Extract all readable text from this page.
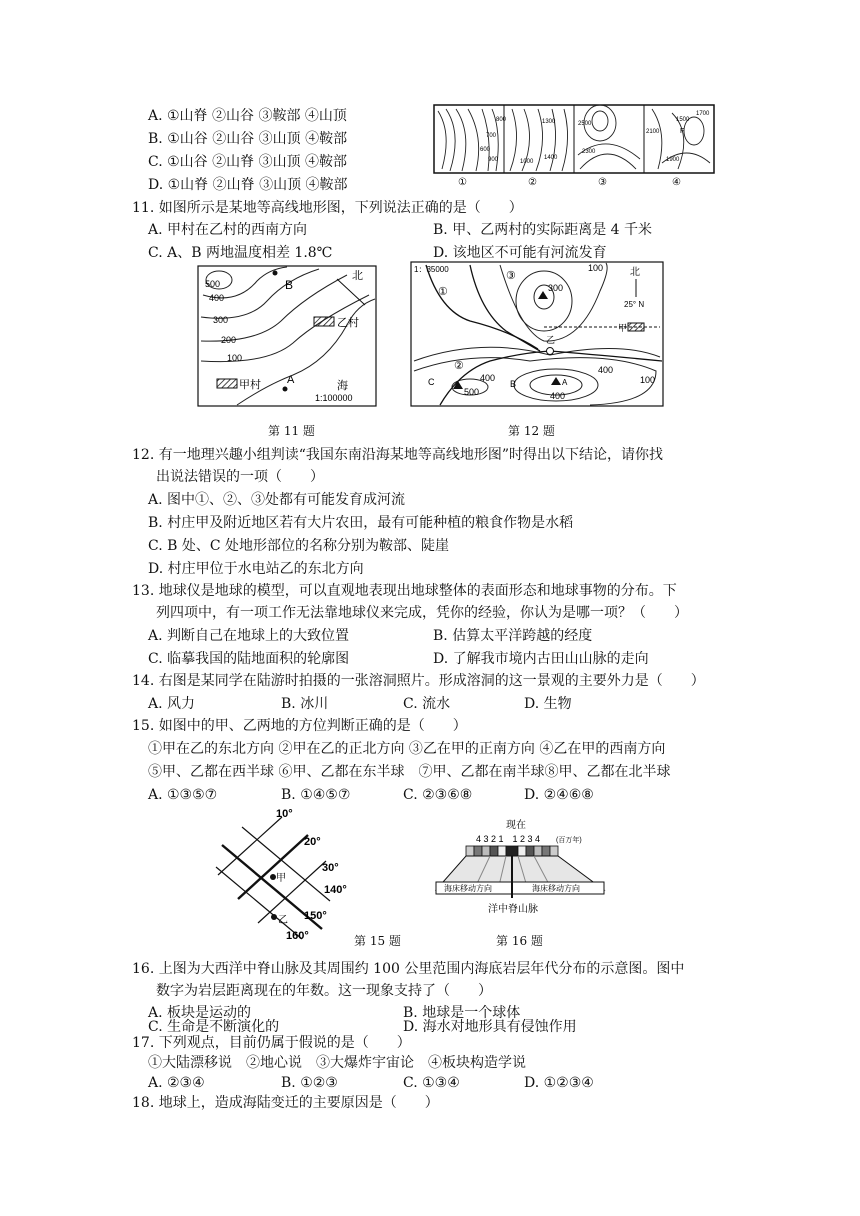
A. ①山脊 ②山谷 ③鞍部 ④山顶
B. ①山谷 ②山谷 ③山顶 ④鞍部
C. ①山谷 ②山脊 ③山顶 ④鞍部
D. ①山脊 ②山脊 ③山顶 ④鞍部
800
700
600
900	1000
1300
1400
2500
2300
2100
1900
1700
1500
F
①	②	③	④
11. 如图所示是某地等高线地形图，下列说法正确的是（　　）
A. 甲村在乙村的西南方向	B. 甲、乙两村的实际距离是 4 千米
C. A、B 两地温度相差 1.8℃	D. 该地区不可能有河流发育
北
500
400
300
200
100
B
乙村
甲村 A	海
1:100000
第 11 题
1：35000
①
③
②
300
100	北
25° N
甲
乙
400
C
500
B	A
400
400
100
第 12 题
12. 有一地理兴趣小组判读“我国东南沿海某地等高线地形图”时得出以下结论，请你找
出说法错误的一项（　　）
A. 图中①、②、③处都有可能发育成河流
B. 村庄甲及附近地区若有大片农田，最有可能种植的粮食作物是水稻
C. B 处、C 处地形部位的名称分别为鞍部、陡崖
D. 村庄甲位于水电站乙的东北方向
13. 地球仪是地球的模型，可以直观地表现出地球整体的表面形态和地球事物的分布。下
列四项中，有一项工作无法靠地球仪来完成，凭你的经验，你认为是哪一项？（　　）
A. 判断自己在地球上的大致位置	B. 估算太平洋跨越的经度
C. 临摹我国的陆地面积的轮廓图	D. 了解我市境内古田山山脉的走向
14. 右图是某同学在陆游时拍摄的一张溶洞照片。形成溶洞的这一景观的主要外力是（　　）
A. 风力	B. 冰川	C. 流水	D. 生物
15. 如图中的甲、乙两地的方位判断正确的是（　　）
①甲在乙的东北方向 ②甲在乙的正北方向 ③乙在甲的正南方向 ④乙在甲的西南方向
⑤甲、乙都在西半球 ⑥甲、乙都在东半球　⑦甲、乙都在南半球⑧甲、乙都在北半球
A. ①③⑤⑦	B. ①④⑤⑦	C. ②③⑥⑧	D. ②④⑥⑧
10°
20°
30°
140°
150°
160°
甲
乙
第 15 题
现在
4 3 2 1　1 2 3 4 (百万年)
海床移动方向	海床移动方向
洋中脊山脉
第 16 题
16. 上图为大西洋中脊山脉及其周围约 100 公里范围内海底岩层年代分布的示意图。图中
数字为岩层距离现在的年数。这一现象支持了（　　）
A. 板块是运动的	B. 地球是一个球体
C. 生命是不断演化的	D. 海水对地形具有侵蚀作用
17. 下列观点，目前仍属于假说的是（　　）
①大陆漂移说　②地心说　③大爆炸宇宙论　④板块构造学说
A. ②③④	B. ①②③	C. ①③④	D. ①②③④
18. 地球上，造成海陆变迁的主要原因是（　　）
